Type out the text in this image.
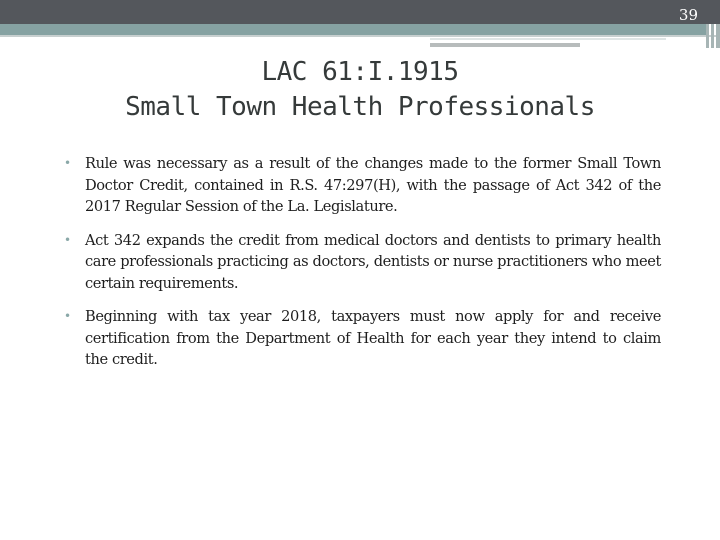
39
LAC 61:I.1915
Small Town Health Professionals
• Rule was necessary as a result of the changes made to the former Small Town Doctor Credit, contained in R.S. 47:297(H), with the passage of Act 342 of the 2017 Regular Session of the La. Legislature.
• Act 342 expands the credit from medical doctors and dentists to primary health care professionals practicing as doctors, dentists or nurse practitioners who meet certain requirements.
• Beginning with tax year 2018, taxpayers must now apply for and receive certification from the Department of Health for each year they intend to claim the credit.
